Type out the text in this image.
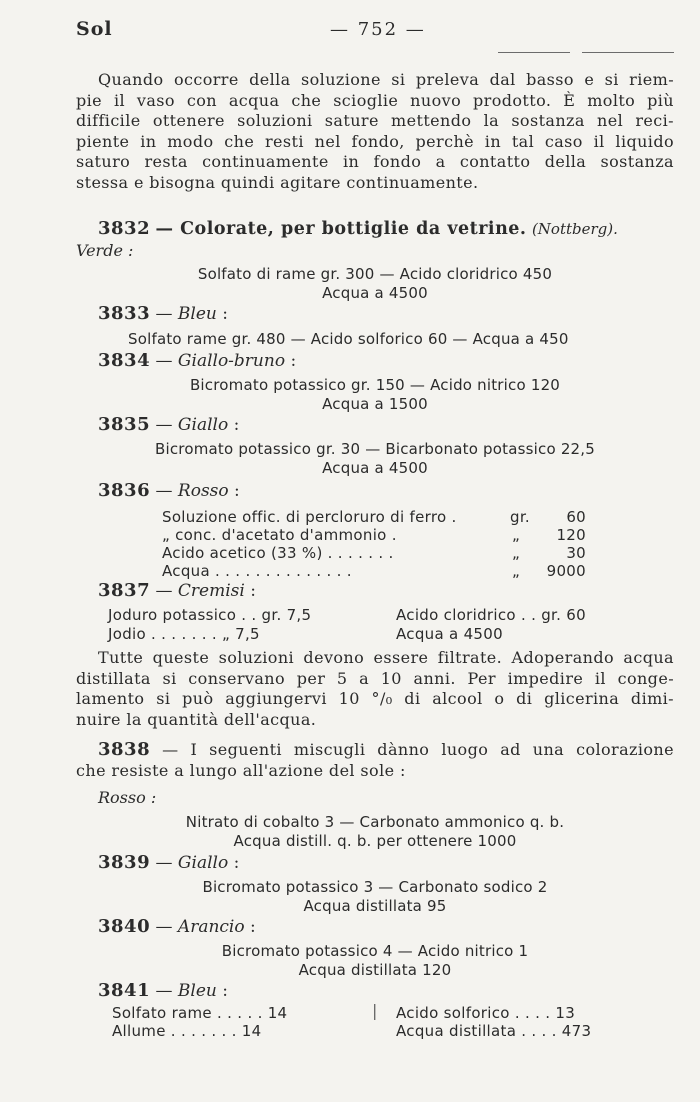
Sol	— 752 —
Quando occorre della soluzione si preleva dal basso e si riem-
pie il vaso con acqua che scioglie nuovo prodotto. È molto più
difficile ottenere soluzioni sature mettendo la sostanza nel reci-
piente in modo che resti nel fondo, perchè in tal caso il liquido
saturo resta continuamente in fondo a contatto della sostanza
stessa e bisogna quindi agitare continuamente.
3832 — Colorate, per bottiglie da vetrine. (Nottberg).
Verde :
Solfato di rame gr. 300 — Acido cloridrico 450
Acqua a 4500
3833 — Bleu :
Solfato rame gr. 480 — Acido solforico 60 — Acqua a 450
3834 — Giallo-bruno :
Bicromato potassico gr. 150 — Acido nitrico 120
Acqua a 1500
3835 — Giallo :
Bicromato potassico gr. 30 — Bicarbonato potassico 22,5
Acqua a 4500
3836 — Rosso :
Soluzione offic. di percloruro di ferro .	gr.	60
„ conc. d'acetato d'ammonio .	„	120
Acido acetico (33 %) . . . . . . .	„	30
Acqua . . . . . . . . . . . . . .	„	9000
3837 — Cremisi :
Joduro potassico . . gr. 7,5	Acido cloridrico . . gr. 60
Jodio . . . . . . . „ 7,5	Acqua a 4500
Tutte queste soluzioni devono essere filtrate. Adoperando acqua
distillata si conservano per 5 a 10 anni. Per impedire il conge-
lamento si può aggiungervi 10 °/₀ di alcool o di glicerina dimi-
nuire la quantità dell'acqua.
3838 — I seguenti miscugli dànno luogo ad una colorazione
che resiste a lungo all'azione del sole :
Rosso :
Nitrato di cobalto 3 — Carbonato ammonico q. b.
Acqua distill. q. b. per ottenere 1000
3839 — Giallo :
Bicromato potassico 3 — Carbonato sodico 2
Acqua distillata 95
3840 — Arancio :
Bicromato potassico 4 — Acido nitrico 1
Acqua distillata 120
3841 — Bleu :
Solfato rame . . . . . 14	| Acido solforico . . . . 13
Allume . . . . . . . 14	Acqua distillata . . . . 473
